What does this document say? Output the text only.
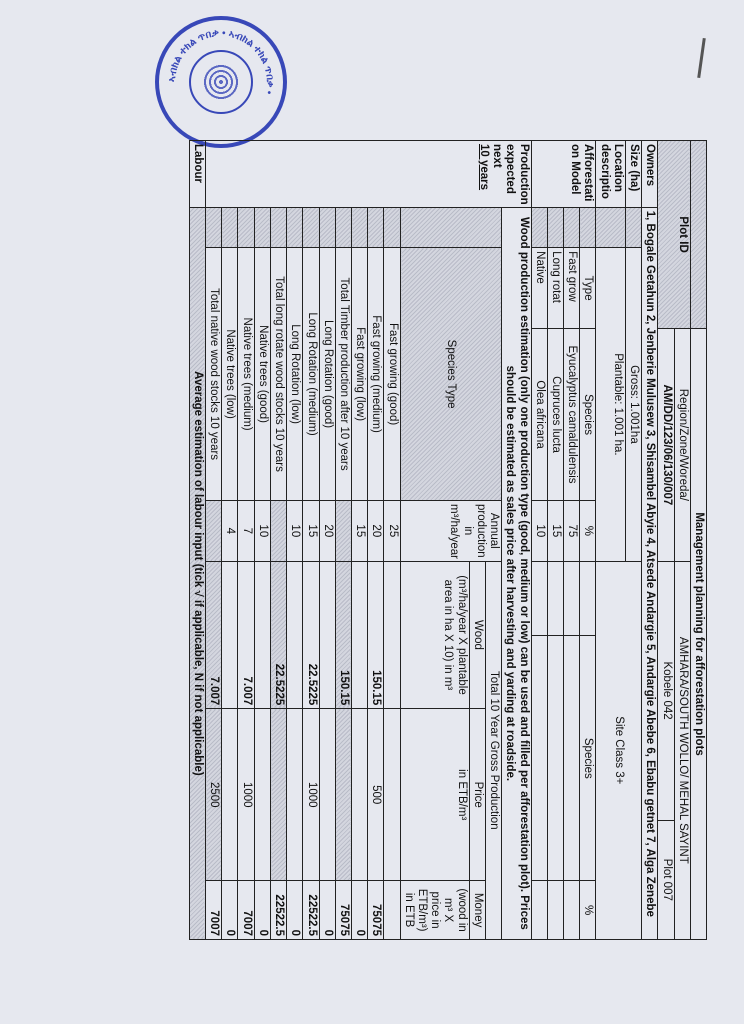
ኣብክል ተክል ጥበቃ • ኣብክል ተክል ጥበቃ •
			Management planning for afforestation plots						
Plot ID			Region/Zone/Woreda/		AMHARA/SOUTH WOLLO/ MEHAL SAYINT				
			AM/DD/123/06/130/007		Kobele 042			Plot 007	
Owners	1, Bogale Getahun 2, Jenberie Mulusew 3, Shisambel Abyie 4, Atsede Andargie 5, Andargie Abebe 6, Ebabu getnet 7, Alga Zenebe								
Size (ha)		Gross: 1.001ha			Site Class 3+				
Location descriptio		Plantable: 1.001 ha.							
Afforestati on Model		Type	Species	%		Species			%
		Fast grow	Eyucalyptus camaldulensis	75					
		Long rotat	Cupruces lucta	15					
		Native	Olea africana	10					
Production expected next
10 years	Wood production estimation (only one production type (good, medium or low) can be used and filled per afforestation plot). Prices should be estimated as sales price after harvesting and yarding at roadside.								
		Species Type		Annual production in m³/ha/year	Total 10 Year Gross Production				
					Wood		Price		Money
					(m³/ha/year X plantable area in ha X 10) in m³		in ETB/m³		(wood in m³ X price in ETB/m³) in ETB
		Fast growing (good)		25					
		Fast growing (medium)		20	150.15		500		75075
		Fast growing (low)		15					0
		Total Timber production after 10 years			150.15				75075
		Long Rotation (good)		20					0
		Long Rotation (medium)		15	22.5225		1000		22522.5
		Long Rotation (low)		10					0
		Total long rotate wood stocks 10 years			22.5225				22522.5
		Native trees (good)		10					0
		Native trees (medium)		7	7.007		1000		7007
		Native trees (low)		4					0
		Total native wood stocks 10 years			7.007		2500		7007
Labour	Average estimation of labour input (tick √ if applicable, N if not applicable)								
